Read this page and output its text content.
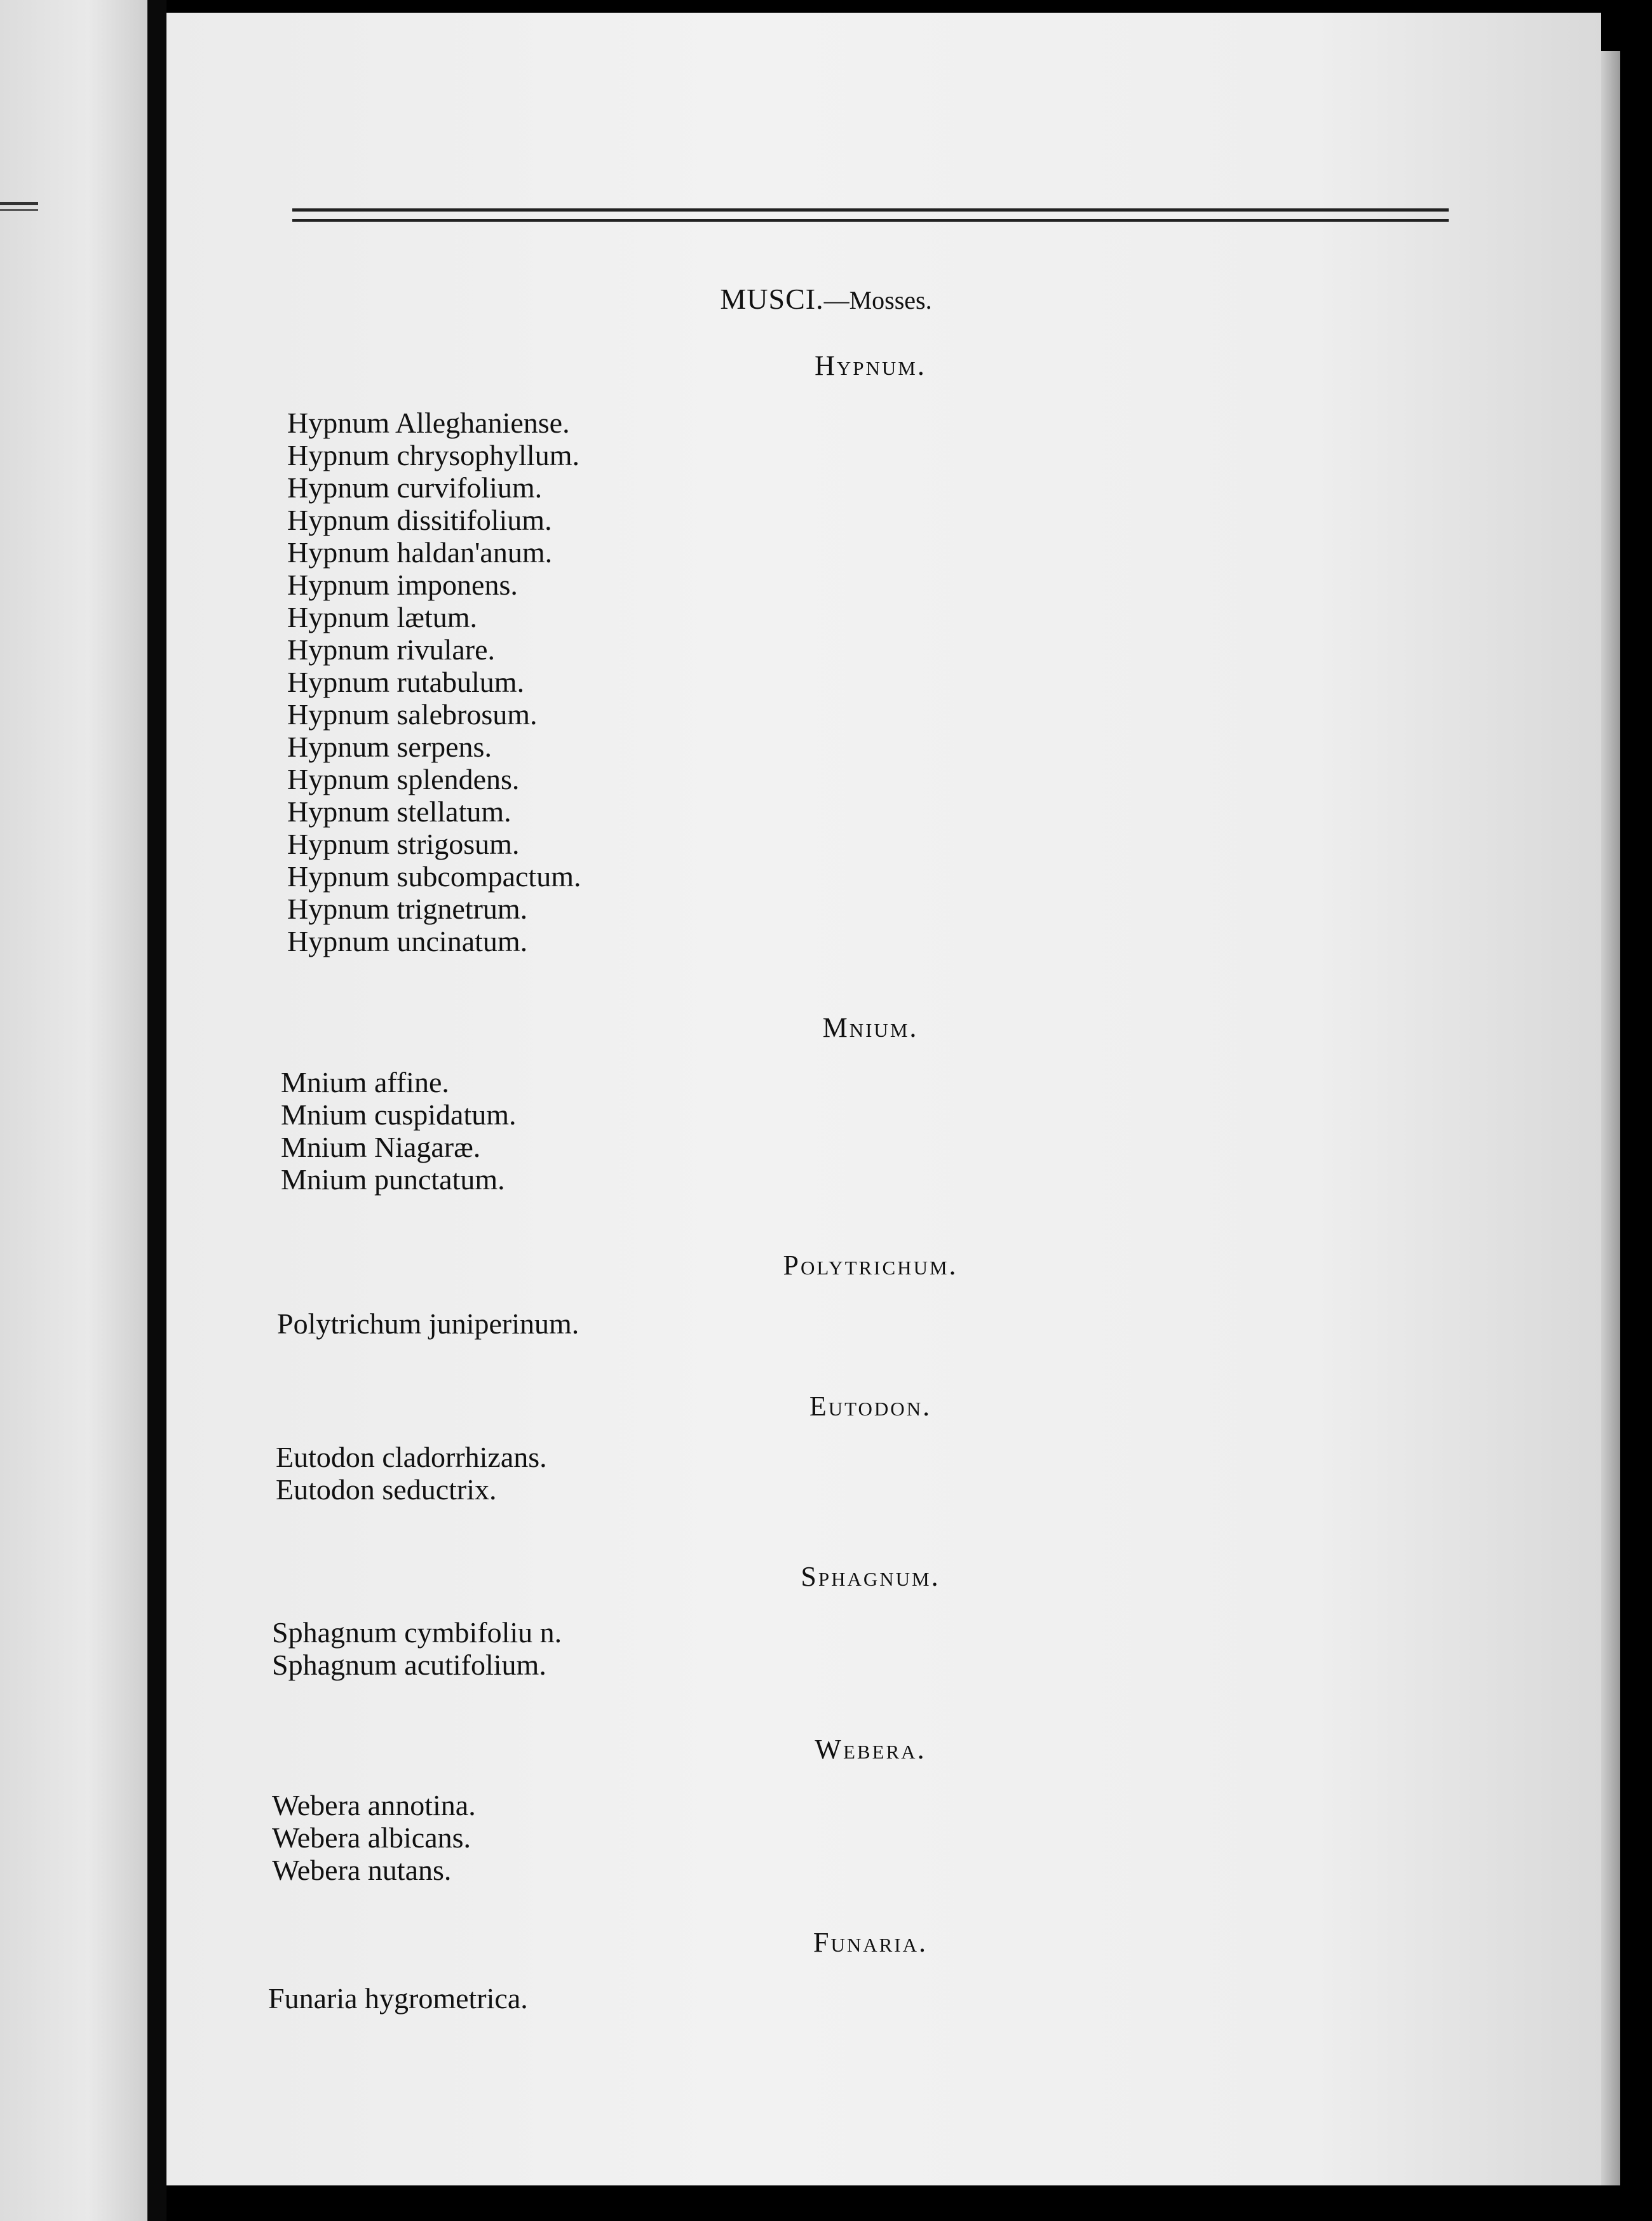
MUSCI.—Mosses.
Hypnum.
Hypnum Alleghaniense.
Hypnum chrysophyllum.
Hypnum curvifolium.
Hypnum dissitifolium.
Hypnum haldan'anum.
Hypnum imponens.
Hypnum lætum.
Hypnum rivulare.
Hypnum rutabulum.
Hypnum salebrosum.
Hypnum serpens.
Hypnum splendens.
Hypnum stellatum.
Hypnum strigosum.
Hypnum subcompactum.
Hypnum trignetrum.
Hypnum uncinatum.
Mnium.
Mnium affine.
Mnium cuspidatum.
Mnium Niagaræ.
Mnium punctatum.
Polytrichum.
Polytrichum juniperinum.
Eutodon.
Eutodon cladorrhizans.
Eutodon seductrix.
Sphagnum.
Sphagnum cymbifoliu n.
Sphagnum acutifolium.
Webera.
Webera annotina.
Webera albicans.
Webera nutans.
Funaria.
Funaria hygrometrica.
